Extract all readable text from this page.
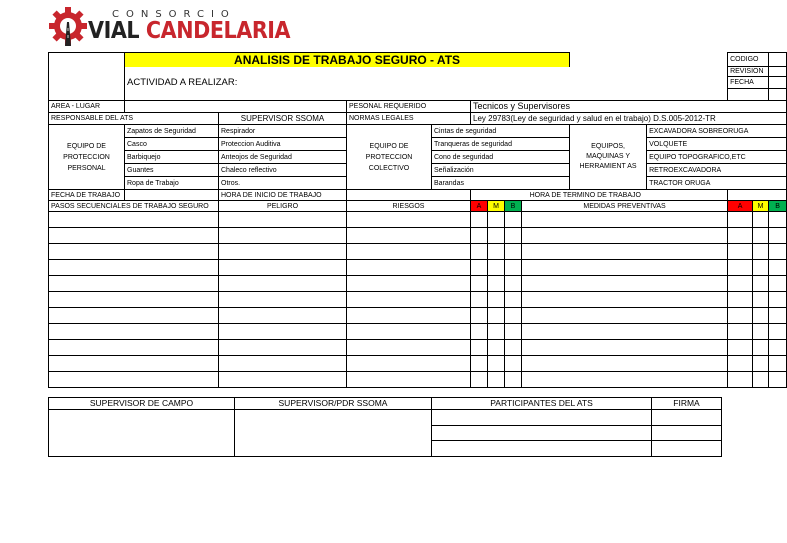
CONSORCIO
VIAL CANDELARIA
	ANALISIS DE TRABAJO SEGURO - ATS										CODIGO		
											REVISION		
	ACTIVIDAD A REALIZAR:										FECHA		

AREA - LUGAR			PESONAL REQUERIDO		Tecnicos y Supervisores								
RESPONSABLE DEL ATS		SUPERVISOR SSOMA	NORMAS LEGALES		Ley 29783(Ley de seguridad y salud en el trabajo) D.S.005-2012-TR								
EQUIPO DE PROTECCION PERSONAL	Zapatos de Seguridad	Respirador	EQUIPO DE PROTECCION COLECTIVO	Cintas de seguridad					EQUIPOS, MAQUINAS Y HERRAMIENT AS	EXCAVADORA SOBREORUGA			
	Casco	Proteccion Auditiva		Tranqueras de seguridad						VOLQUETE			
	Barbiquejo	Anteojos de Seguridad		Cono de seguridad						EQUIPO TOPOGRAFICO,ETC			
	Guantes	Chaleco reflectivo		Señalización						RETROEXCAVADORA			
	Ropa de Trabajo	Otros.		Barandas						TRACTOR ORUGA			
FECHA DE TRABAJO		HORA DE INICIO DE TRABAJO							HORA DE TERMINO DE TRABAJO				

PASOS SECUENCIALES DE TRABAJO SEGURO		PELIGRO	RIESGOS		A	M	B	MEDIDAS PREVENTIVAS			A	M	B

SUPERVISOR DE CAMPO	SUPERVISOR/PDR SSOMA	PARTICIPANTES DEL ATS	FIRMA
